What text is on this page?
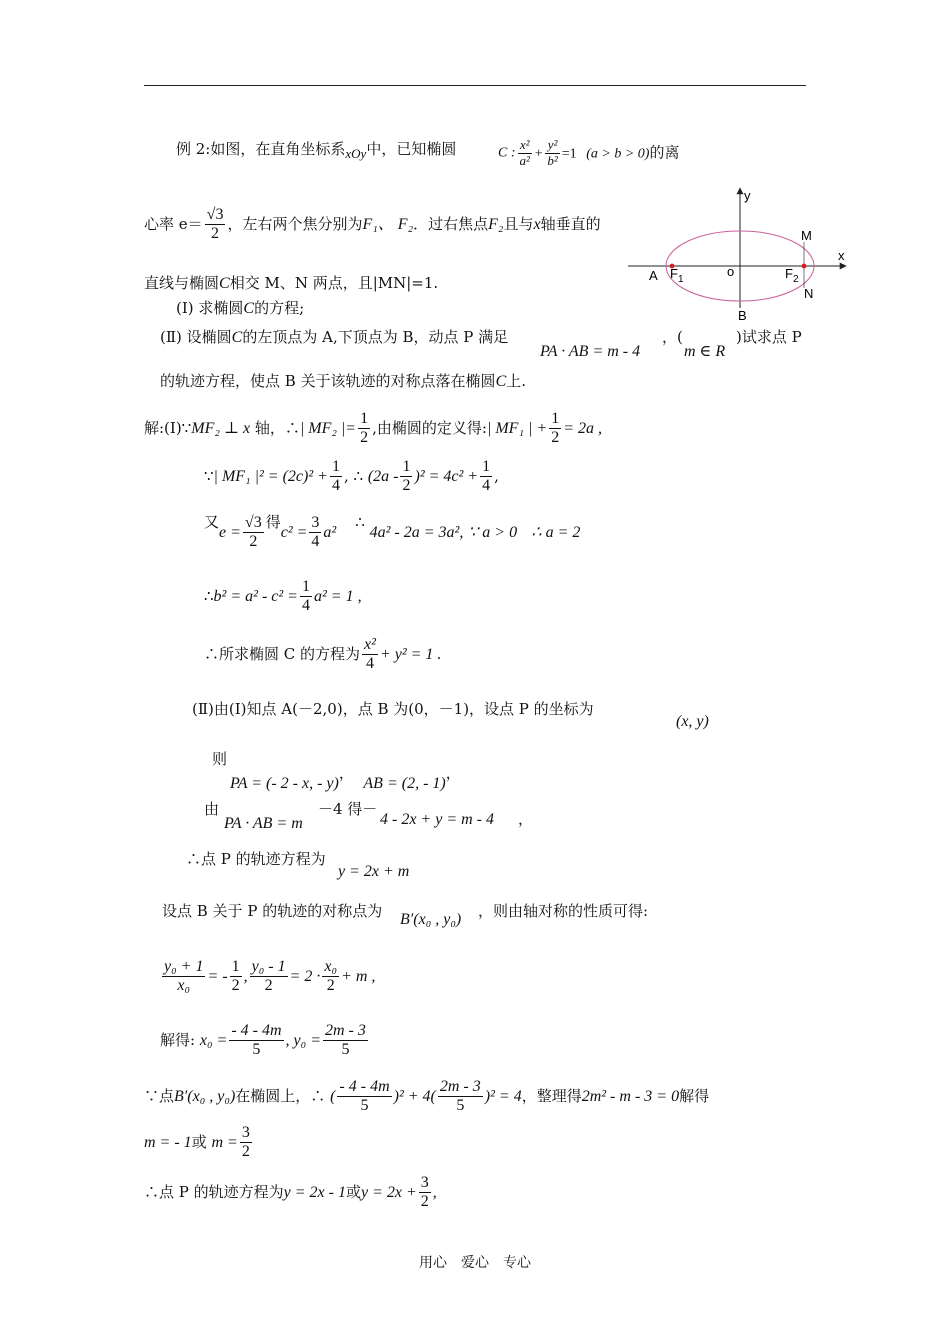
例 2:如图，在直角坐标系xOy中，已知椭圆	C : $\frac{\text{x²}}{\text{a²}} + \frac{\text{y²}}{\text{b²}} =1$ (a > b > 0)的离
心率 $e= \frac{√3}{2}$ ，左右两个焦分别为F₁、 F₂．过右焦点F₂且与x轴垂直的
直线与椭圆C相交 M、N 两点，且|MN|=1.
(Ⅰ) 求椭圆C的方程;
(Ⅱ) 设椭圆C的左顶点为 A,下顶点为 B，动点 P 满足
PA · AB = m - 4
，(
m ∈ R
)试求点 P
的轨迹方程，使点 B 关于该轨迹的对称点落在椭圆C上.
y
x
o
A $F_1$	$F_2$
M
N
B
解:(Ⅰ)∵MF₂ ⊥ x 轴，∴| MF₂ |= $\frac{1}{2}$ ,由椭圆的定义得:| MF₁ | + $\frac{1}{2} = 2a$ ,
∵| MF₁ $|^2 = (2c)^2 + \frac{1}{4}$ , ∴ $(2a - \frac{1}{2} )^2 = 4c^2 + \frac{1}{4}$ ,
又$e = \frac{√3}{2}$ 得$c^2 = \frac{3}{4} a^2$    ∴ 4a² - 2a = 3a², ∵ a > 0 ∴ a = 2
∴b² = $a^2 - c^2 = \frac{1}{4} a^2 = 1$ ,
∴所求椭圆 C 的方程为 $\frac{\text{x²}}{4} + y^2 = 1$ .
(Ⅱ)由(Ⅰ)知点 A(－2,0)，点 B 为(0，－1)，设点 P 的坐标为
(x, y)
则
PA = (- 2 - x, - y)，  AB = (2, - 1)，
由
PA · AB = m
－4 得－
4 - 2x + y = m - 4 ，
∴点 P 的轨迹方程为
y = 2x + m
设点 B 关于 P 的轨迹的对称点为 B′(x₀ , y₀) ，则由轴对称的性质可得:
$\frac{\text{y₀ + 1}}{\text{x₀}}$ = - $\frac{1}{2}$ , $\frac{\text{y₀ - 1}}{2} = 2 \cdot \frac{\text{x₀}}{2} + m$ ,
解得: $x_0 = \frac{- 4 - 4m}{5}$ , $y_0 = \frac{2m - 3}{5}$
∵点B′(x₀ , y₀)在椭圆上，∴ ( $\frac{- 4 - 4m}{5} )^2 + 4( \frac{2m - 3}{5} )^2 = 4$，整理得2m² - m - 3 = 0解得
m = - 1或 $m = \frac{3}{2}$
∴点 P 的轨迹方程为y = 2x - 1或$y = 2x + \frac{3}{2}$ ,
用心　爱心　专心
